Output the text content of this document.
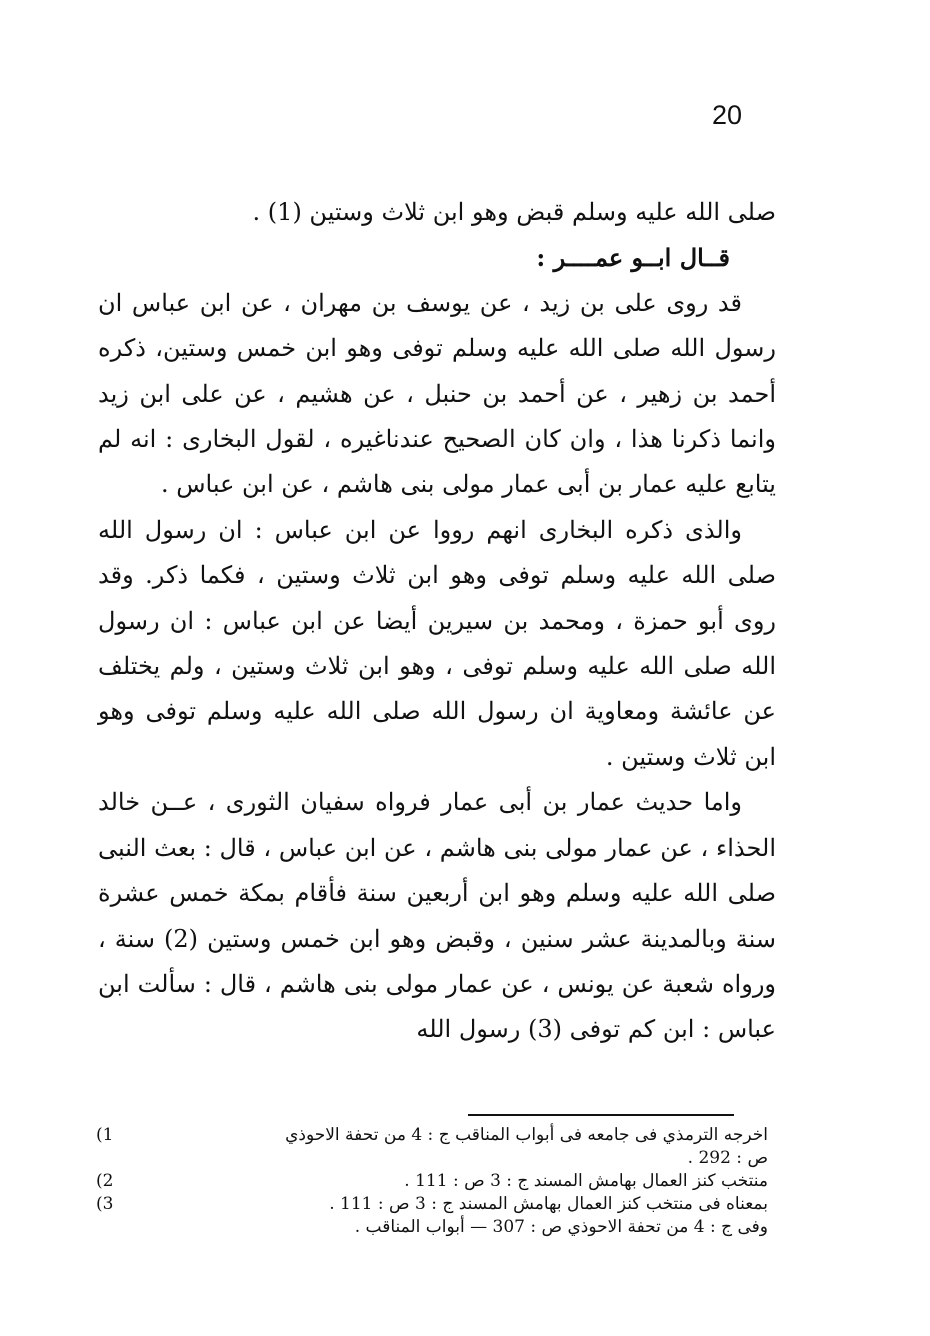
20

صلى الله عليه وسلم قبض وهو ابن ثلاث وستين (1) .

قــال ابــو عمــــر :

قد روى على بن زيد ، عن يوسف بن مهران ، عن ابن عباس ان رسول الله صلى الله عليه وسلم توفى وهو ابن خمس وستين، ذكره أحمد بن زهير ، عن أحمد بن حنبل ، عن هشيم ، عن على ابن زيد وانما ذكرنا هذا ، وان كان الصحيح عندناغيره ، لقول البخارى : انه لم يتابع عليه عمار بن أبى عمار مولى بنى هاشم ، عن ابن عباس .

والذى ذكره البخارى انهم رووا عن ابن عباس : ان رسول الله صلى الله عليه وسلم توفى وهو ابن ثلاث وستين ، فكما ذكر. وقد روى أبو حمزة ، ومحمد بن سيرين أيضا عن ابن عباس : ان رسول الله صلى الله عليه وسلم توفى ، وهو ابن ثلاث وستين ، ولم يختلف عن عائشة ومعاوية ان رسول الله صلى الله عليه وسلم توفى وهو ابن ثلاث وستين .

واما حديث عمار بن أبى عمار فرواه سفيان الثورى ، عــن خالد الحذاء ، عن عمار مولى بنى هاشم ، عن ابن عباس ، قال : بعث النبى صلى الله عليه وسلم وهو ابن أربعين سنة فأقام بمكة خمس عشرة سنة وبالمدينة عشر سنين ، وقبض وهو ابن خمس وستين (2) سنة ، ورواه شعبة عن يونس ، عن عمار مولى بنى هاشم ، قال : سألت ابن عباس : ابن كم توفى (3) رسول الله

اخرجه الترمذي فى جامعه فى أبواب المناقب ج : 4 من تحفة الاحوذي
ص : 292 .
1)
منتخب كنز العمال بهامش المسند ج : 3 ص : 111 .
2)
بمعناه فى منتخب كنز العمال بهامش المسند ج : 3 ص : 111 .
وفى ج : 4 من تحفة الاحوذي ص : 307 — أبواب المناقب .
3)
